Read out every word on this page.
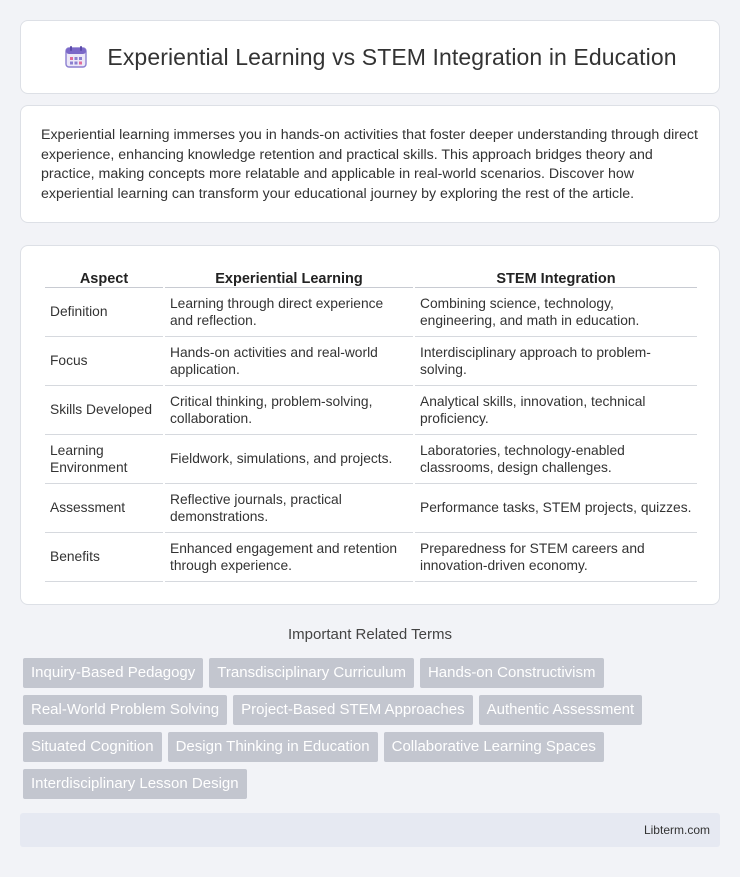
Experiential Learning vs STEM Integration in Education

Experiential learning immerses you in hands-on activities that foster deeper understanding through direct experience, enhancing knowledge retention and practical skills. This approach bridges theory and practice, making concepts more relatable and applicable in real-world scenarios. Discover how experiential learning can transform your educational journey by exploring the rest of the article.

Aspect	Experiential Learning	STEM Integration
Definition	Learning through direct experience and reflection.	Combining science, technology, engineering, and math in education.
Focus	Hands-on activities and real-world application.	Interdisciplinary approach to problem-solving.
Skills Developed	Critical thinking, problem-solving, collaboration.	Analytical skills, innovation, technical proficiency.
Learning Environment	Fieldwork, simulations, and projects.	Laboratories, technology-enabled classrooms, design challenges.
Assessment	Reflective journals, practical demonstrations.	Performance tasks, STEM projects, quizzes.
Benefits	Enhanced engagement and retention through experience.	Preparedness for STEM careers and innovation-driven economy.
Important Related Terms
Inquiry-Based Pedagogy	Transdisciplinary Curriculum	Hands-on Constructivism
Real-World Problem Solving	Project-Based STEM Approaches	Authentic Assessment
Situated Cognition	Design Thinking in Education	Collaborative Learning Spaces
Interdisciplinary Lesson Design
Libterm.com
